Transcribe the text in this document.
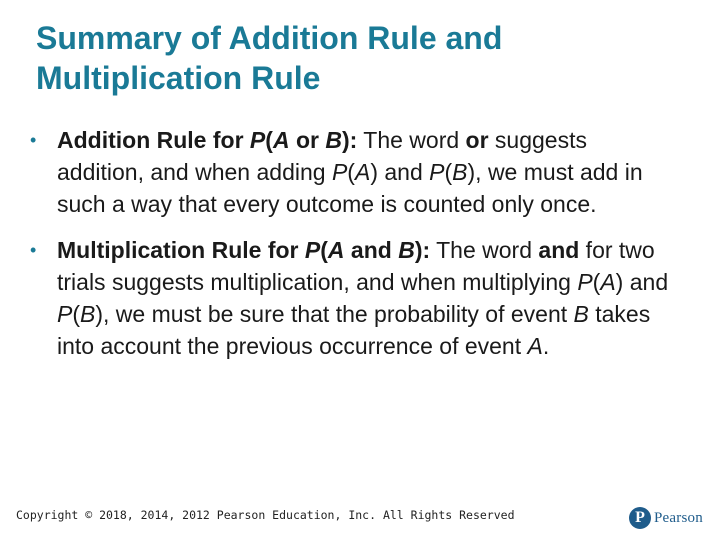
Summary of Addition Rule and
Multiplication Rule
• Addition Rule for P(A or B): The word or suggests addition, and when adding P(A) and P(B), we must add in such a way that every outcome is counted only once.
• Multiplication Rule for P(A and B): The word and for two trials suggests multiplication, and when multiplying P(A) and P(B), we must be sure that the probability of event B takes into account the previous occurrence of event A.
Copyright © 2018, 2014, 2012 Pearson Education, Inc. All Rights Reserved	P Pearson
